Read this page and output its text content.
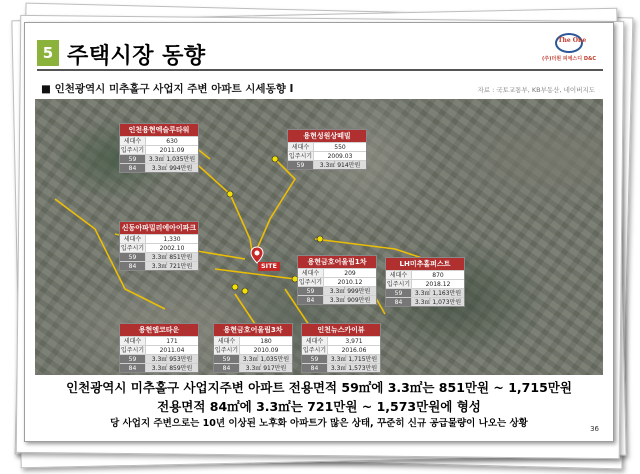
5 주택시장 동향
The One
(주)더원 피에스디 D&C
■ 인천광역시 미추홀구 사업지 주변 아파트 시세동향 I	자료 : 국토교통부, KB부동산, 네이버지도
인천용현엑슬루타워
세대수	630
입주시기	2011.09
59	3.3㎡ 1,035만원
84	3.3㎡ 994만원
용현성원상떼빌
세대수	550
입주시기	2009.03
59	3.3㎡ 914만원
신동아파밀리에아이파크
세대수	1,330
입주시기	2002.10
59	3.3㎡ 851만원
84	3.3㎡ 721만원
용현금호어울림1차
세대수	209
입주시기	2010.12
59	3.3㎡ 999만원
84	3.3㎡ 909만원
LH미추홀퍼스트
세대수	870
입주시기	2018.12
59	3.3㎡ 1,163만원
84	3.3㎡ 1,073만원
용현엠코타운
세대수	171
입주시기	2011.04
59	3.3㎡ 953만원
84	3.3㎡ 859만원
용현금호어울림3차
세대수	180
입주시기	2010.09
59	3.3㎡ 1,035만원
84	3.3㎡ 917만원
인천뉴스카이뷰
세대수	3,971
입주시기	2016.06
59	3.3㎡ 1,715만원
84	3.3㎡ 1,573만원
SITE
인천광역시 미추홀구 사업지주변 아파트 전용면적 59㎡에 3.3㎡는 851만원 ~ 1,715만원
전용면적 84㎡에 3.3㎡는 721만원 ~ 1,573만원에 형성
당 사업지 주변으로는 10년 이상된 노후화 아파트가 많은 상태, 꾸준히 신규 공급물량이 나오는 상황	36
